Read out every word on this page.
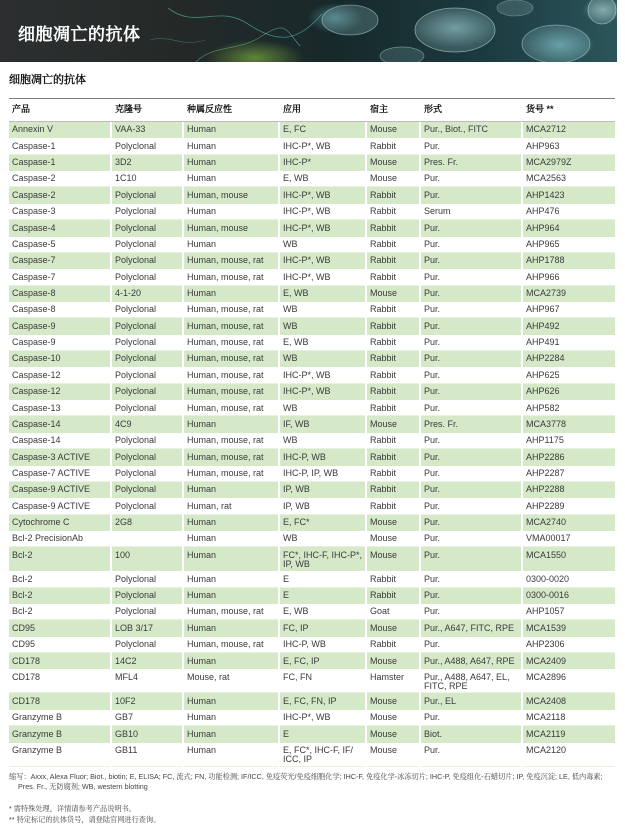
细胞凋亡的抗体
细胞凋亡的抗体
产品	克隆号	种属反应性	应用	宿主	形式	货号 **
Annexin V	VAA-33	Human	E, FC	Mouse	Pur., Biot., FITC	MCA2712
Caspase-1	Polyclonal	Human	IHC-P*, WB	Rabbit	Pur.	AHP963
Caspase-1	3D2	Human	IHC-P*	Mouse	Pres. Fr.	MCA2979Z
Caspase-2	1C10	Human	E, WB	Mouse	Pur.	MCA2563
Caspase-2	Polyclonal	Human, mouse	IHC-P*, WB	Rabbit	Pur.	AHP1423
Caspase-3	Polyclonal	Human	IHC-P*, WB	Rabbit	Serum	AHP476
Caspase-4	Polyclonal	Human, mouse	IHC-P*, WB	Rabbit	Pur.	AHP964
Caspase-5	Polyclonal	Human	WB	Rabbit	Pur.	AHP965
Caspase-7	Polyclonal	Human, mouse, rat	IHC-P*, WB	Rabbit	Pur.	AHP1788
Caspase-7	Polyclonal	Human, mouse, rat	IHC-P*, WB	Rabbit	Pur.	AHP966
Caspase-8	4-1-20	Human	E, WB	Mouse	Pur.	MCA2739
Caspase-8	Polyclonal	Human, mouse, rat	WB	Rabbit	Pur.	AHP967
Caspase-9	Polyclonal	Human, mouse, rat	WB	Rabbit	Pur.	AHP492
Caspase-9	Polyclonal	Human, mouse, rat	E, WB	Rabbit	Pur.	AHP491
Caspase-10	Polyclonal	Human, mouse, rat	WB	Rabbit	Pur.	AHP2284
Caspase-12	Polyclonal	Human, mouse, rat	IHC-P*, WB	Rabbit	Pur.	AHP625
Caspase-12	Polyclonal	Human, mouse, rat	IHC-P*, WB	Rabbit	Pur.	AHP626
Caspase-13	Polyclonal	Human, mouse, rat	WB	Rabbit	Pur.	AHP582
Caspase-14	4C9	Human	IF, WB	Mouse	Pres. Fr.	MCA3778
Caspase-14	Polyclonal	Human, mouse, rat	WB	Rabbit	Pur.	AHP1175
Caspase-3 ACTIVE	Polyclonal	Human, mouse, rat	IHC-P, WB	Rabbit	Pur.	AHP2286
Caspase-7 ACTIVE	Polyclonal	Human, mouse, rat	IHC-P, IP, WB	Rabbit	Pur.	AHP2287
Caspase-9 ACTIVE	Polyclonal	Human	IP, WB	Rabbit	Pur.	AHP2288
Caspase-9 ACTIVE	Polyclonal	Human, rat	IP, WB	Rabbit	Pur.	AHP2289
Cytochrome C	2G8	Human	E, FC*	Mouse	Pur.	MCA2740
Bcl-2 PrecisionAb		Human	WB	Mouse	Pur.	VMA00017
Bcl-2	100	Human	FC*, IHC-F, IHC-P*, IP, WB	Mouse	Pur.	MCA1550
Bcl-2	Polyclonal	Human	E	Rabbit	Pur.	0300-0020
Bcl-2	Polyclonal	Human	E	Rabbit	Pur.	0300-0016
Bcl-2	Polyclonal	Human, mouse, rat	E, WB	Goat	Pur.	AHP1057
CD95	LOB 3/17	Human	FC, IP	Mouse	Pur., A647, FITC, RPE	MCA1539
CD95	Polyclonal	Human, mouse, rat	IHC-P, WB	Rabbit	Pur.	AHP2306
CD178	14C2	Human	E, FC, IP	Mouse	Pur., A488, A647, RPE	MCA2409
CD178	MFL4	Mouse, rat	FC, FN	Hamster	Pur., A488, A647, EL, FITC, RPE	MCA2896
CD178	10F2	Human	E, FC, FN, IP	Mouse	Pur., EL	MCA2408
Granzyme B	GB7	Human	IHC-P*, WB	Mouse	Pur.	MCA2118
Granzyme B	GB10	Human	E	Mouse	Biot.	MCA2119
Granzyme B	GB11	Human	E, FC*, IHC-F, IF/ ICC, IP	Mouse	Pur.	MCA2120

缩写：Axxx, Alexa Fluor; Biot., biotin; E, ELISA; FC, 流式; FN, 功能检测; IF/ICC, 免疫荧光/免疫细胞化学; IHC-F, 免疫化学-冰冻切片; IHC-P, 免疫组化-石蜡切片; IP, 免疫沉淀; LE, 低内毒素; Pres. Fr., 无防腐剂; WB, western blotting

* 需特殊处理，详情请参考产品说明书。

** 特定标记的抗体货号，请登陆官网进行查询。
